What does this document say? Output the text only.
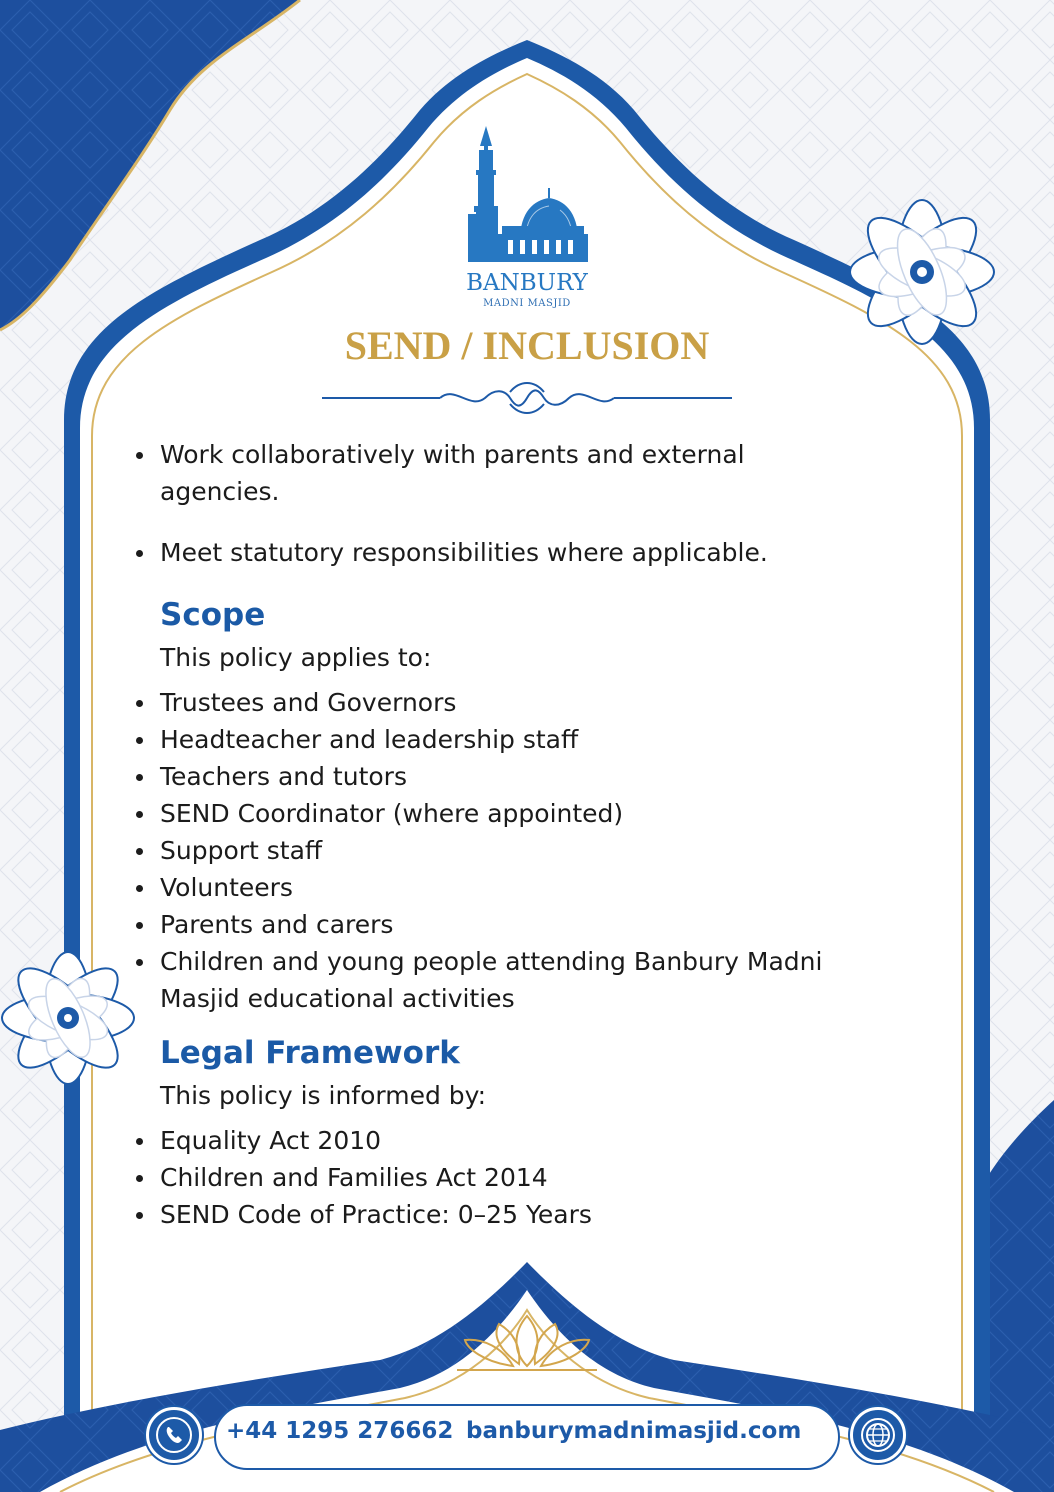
BANBURY
MADNI MASJID
SEND / INCLUSION
Work collaboratively with parents and external agencies.
Meet statutory responsibilities where applicable.
Scope

This policy applies to:

Trustees and Governors
Headteacher and leadership staff
Teachers and tutors
SEND Coordinator (where appointed)
Support staff
Volunteers
Parents and carers
Children and young people attending Banbury Madni Masjid educational activities
Legal Framework

This policy is informed by:

Equality Act 2010
Children and Families Act 2014
SEND Code of Practice: 0–25 Years
+44 1295 276662 banburymadnimasjid.com
